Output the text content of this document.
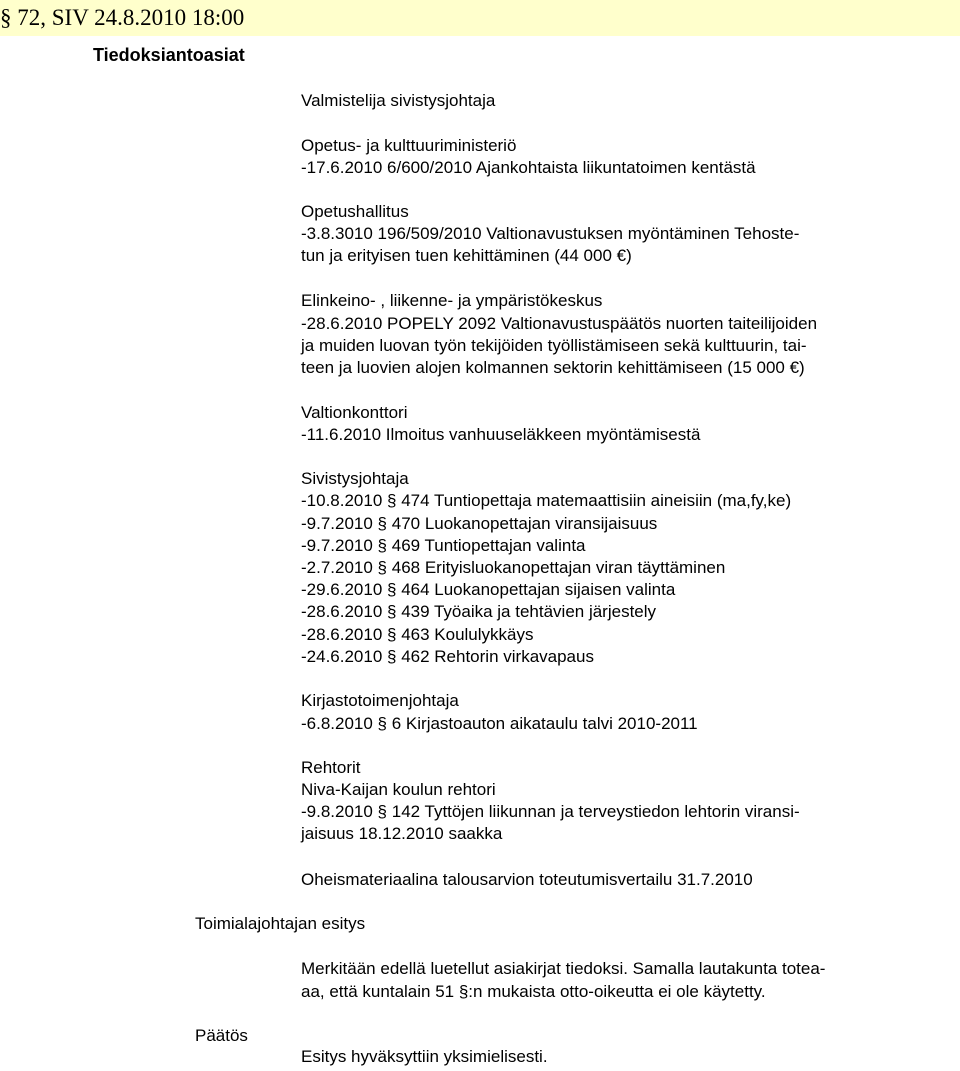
§ 72, SIV 24.8.2010 18:00
Tiedoksiantoasiat
Valmistelija sivistysjohtaja
Opetus- ja kulttuuriministeriö
-17.6.2010 6/600/2010 Ajankohtaista liikuntatoimen kentästä
Opetushallitus
-3.8.3010 196/509/2010 Valtionavustuksen myöntäminen Tehoste-
tun ja erityisen tuen kehittäminen (44 000 €)
Elinkeino- , liikenne- ja ympäristökeskus
-28.6.2010 POPELY 2092 Valtionavustuspäätös nuorten taiteilijoiden
ja muiden luovan työn tekijöiden työllistämiseen sekä kulttuurin, tai-
teen ja luovien alojen kolmannen sektorin kehittämiseen (15 000 €)
Valtionkonttori
-11.6.2010 Ilmoitus vanhuuseläkkeen myöntämisestä
Sivistysjohtaja
-10.8.2010 § 474 Tuntiopettaja matemaattisiin aineisiin (ma,fy,ke)
-9.7.2010 § 470 Luokanopettajan viransijaisuus
-9.7.2010 § 469 Tuntiopettajan valinta
-2.7.2010 § 468 Erityisluokanopettajan viran täyttäminen
-29.6.2010 § 464 Luokanopettajan sijaisen valinta
-28.6.2010 § 439 Työaika ja tehtävien järjestely
-28.6.2010 § 463 Koululykkäys
-24.6.2010 § 462 Rehtorin virkavapaus
Kirjastotoimenjohtaja
-6.8.2010 § 6 Kirjastoauton aikataulu talvi 2010-2011
Rehtorit
Niva-Kaijan koulun rehtori
-9.8.2010 § 142 Tyttöjen liikunnan ja terveystiedon lehtorin viransi-
jaisuus 18.12.2010 saakka
Oheismateriaalina talousarvion toteutumisvertailu 31.7.2010
Toimialajohtajan esitys
Merkitään edellä luetellut asiakirjat tiedoksi. Samalla lautakunta totea-
aa, että kuntalain 51 §:n mukaista otto-oikeutta ei ole käytetty.
Päätös
Esitys hyväksyttiin yksimielisesti.
